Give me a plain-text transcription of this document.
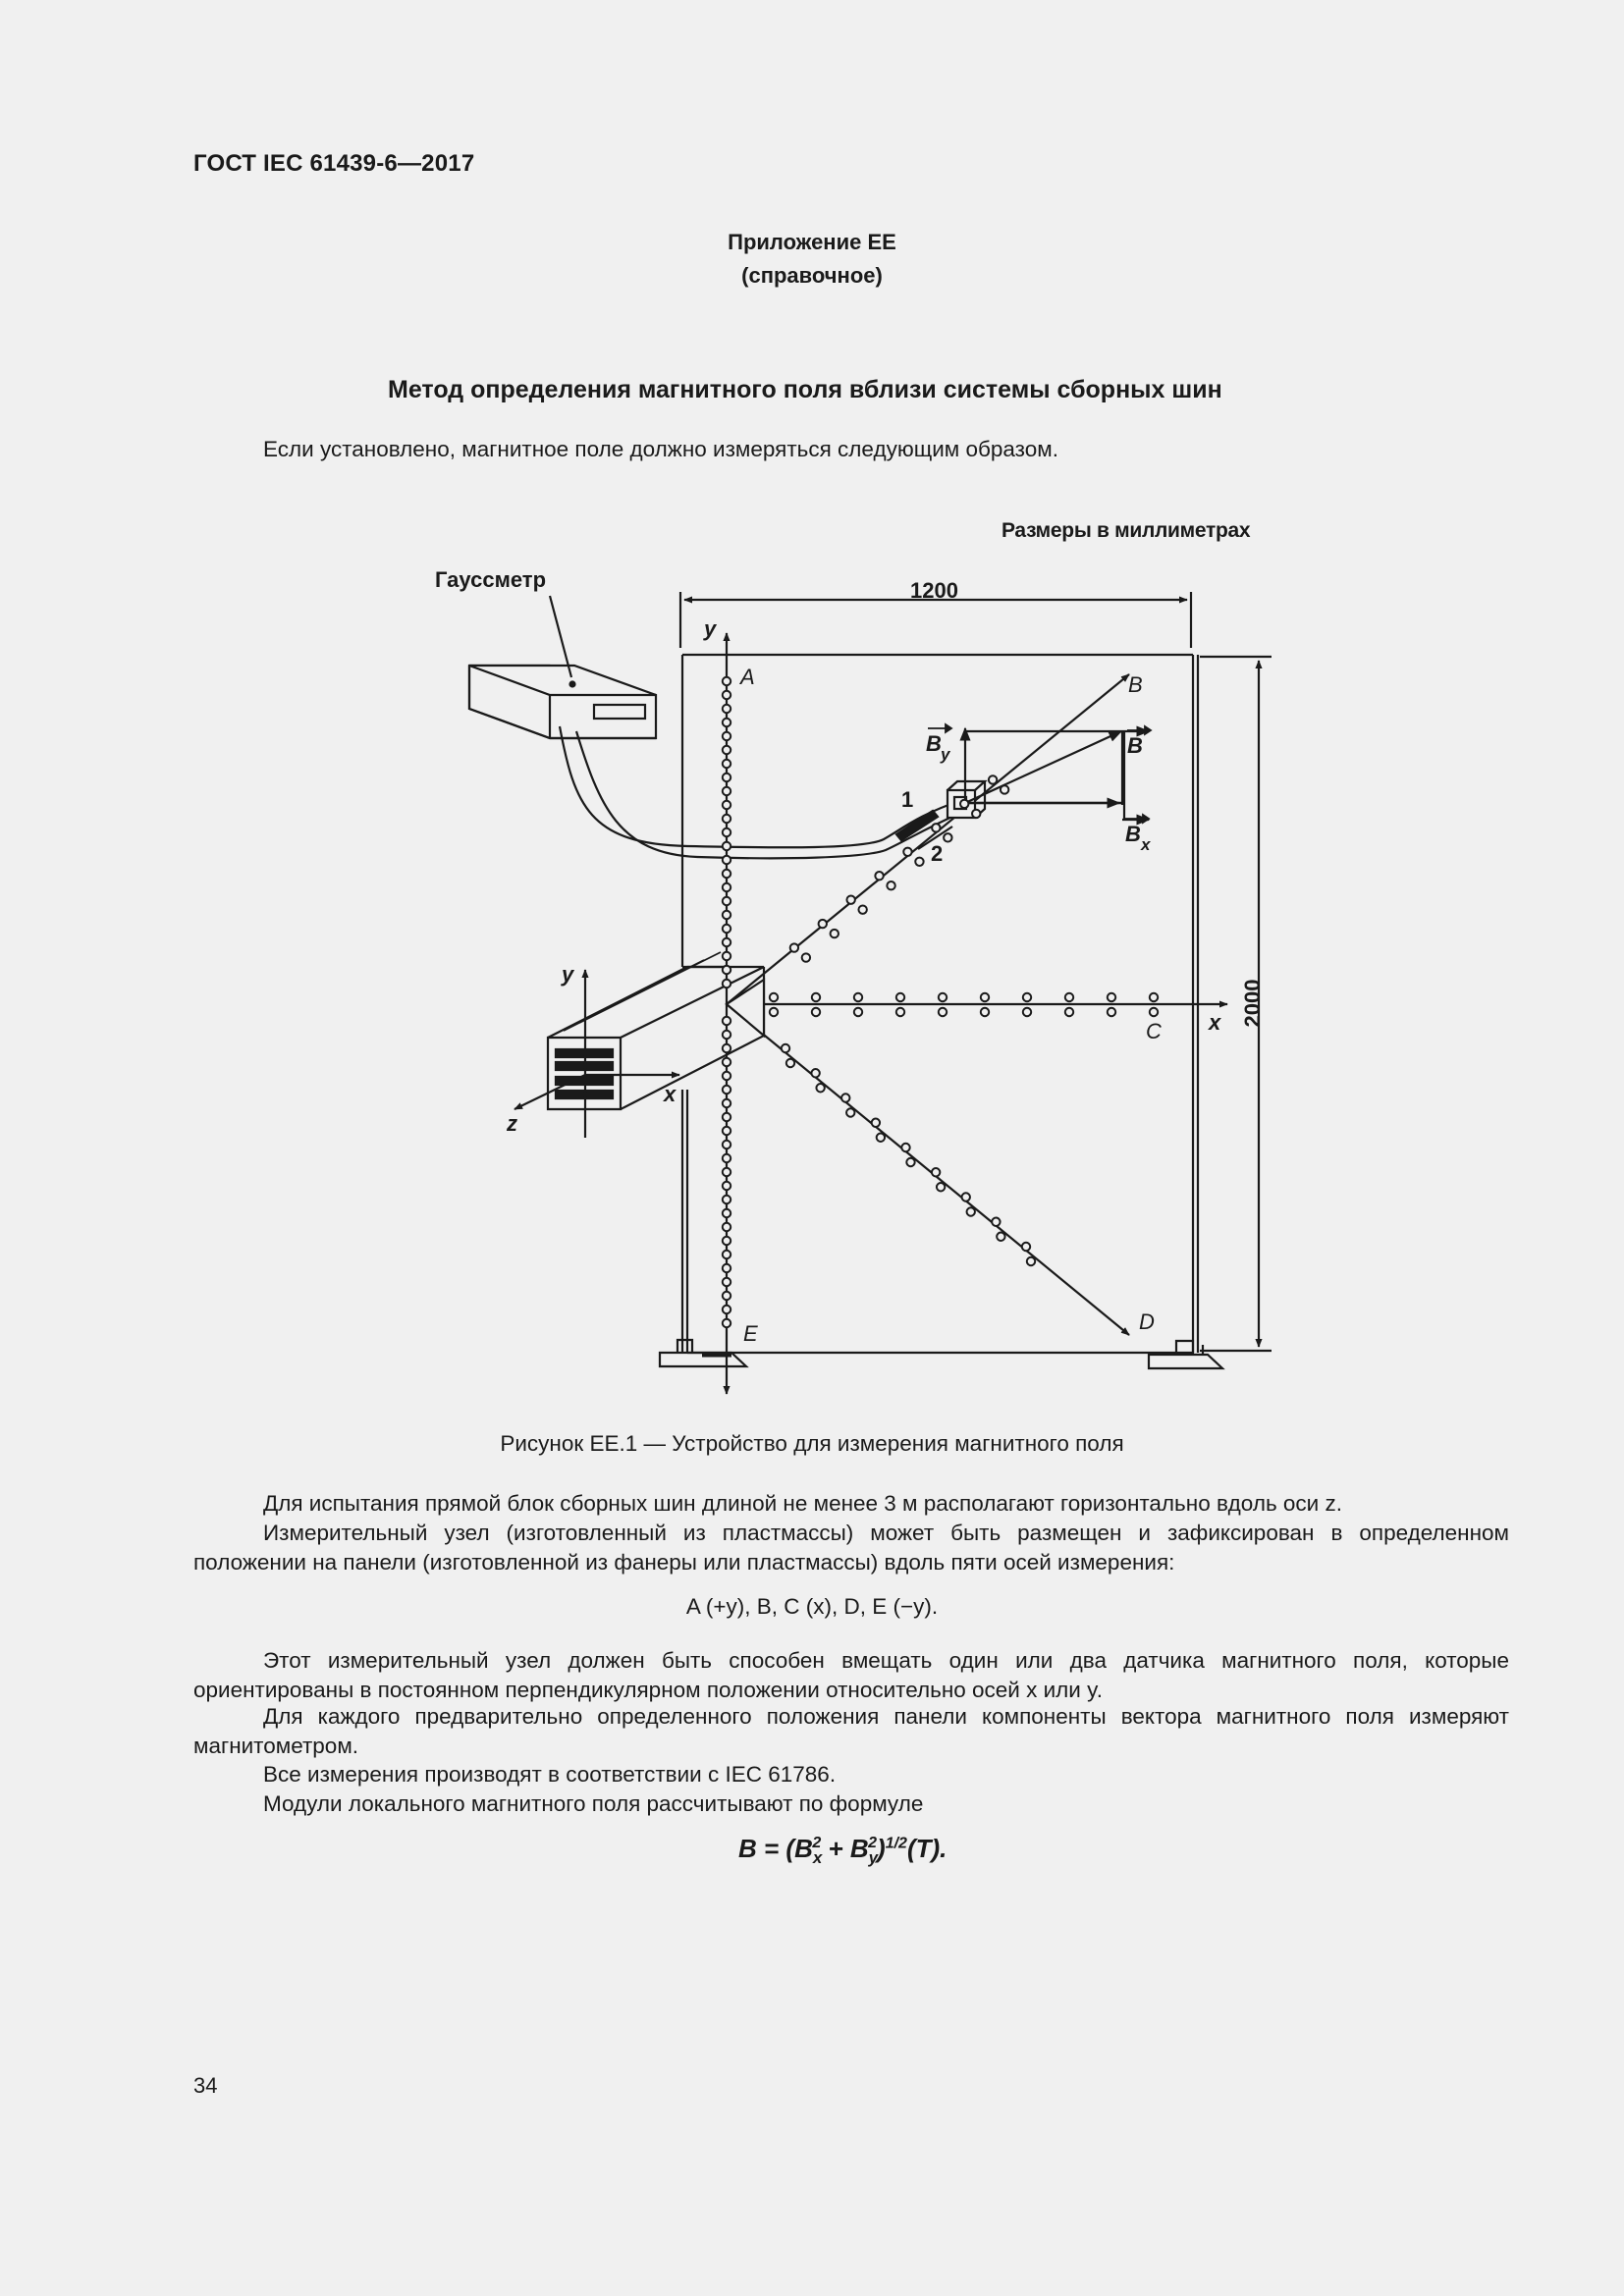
ГОСТ IEC 61439-6—2017
Приложение ЕЕ
(справочное)
Метод определения магнитного поля вблизи системы сборных шин
Если установлено, магнитное поле должно измеряться следующим образом.
Размеры в миллиметрах
Гауссметр	1200
2000
y
y
x
z
x
A	B
C
D
E
1
2
B
B y
B x
Рисунок ЕЕ.1 — Устройство для измерения магнитного поля
Для испытания прямой блок сборных шин длиной не менее 3 м располагают горизонтально вдоль оси z.
Измерительный узел (изготовленный из пластмассы) может быть размещен и зафиксирован в определенном положении на панели (изготовленной из фанеры или пластмассы) вдоль пяти осей измерения:
A (+y), B, C (x), D, E (−y).
Этот измерительный узел должен быть способен вмещать один или два датчика магнитного поля, которые ориентированы в постоянном перпендикулярном положении относительно осей x или y.
Для каждого предварительно определенного положения панели компоненты вектора магнитного поля измеряют магнитометром.
Все измерения производят в соответствии с IEC 61786.
Модули локального магнитного поля рассчитывают по формуле
$B = (B_x^2 + B_y^2)^{1/2}(T)$.
34
